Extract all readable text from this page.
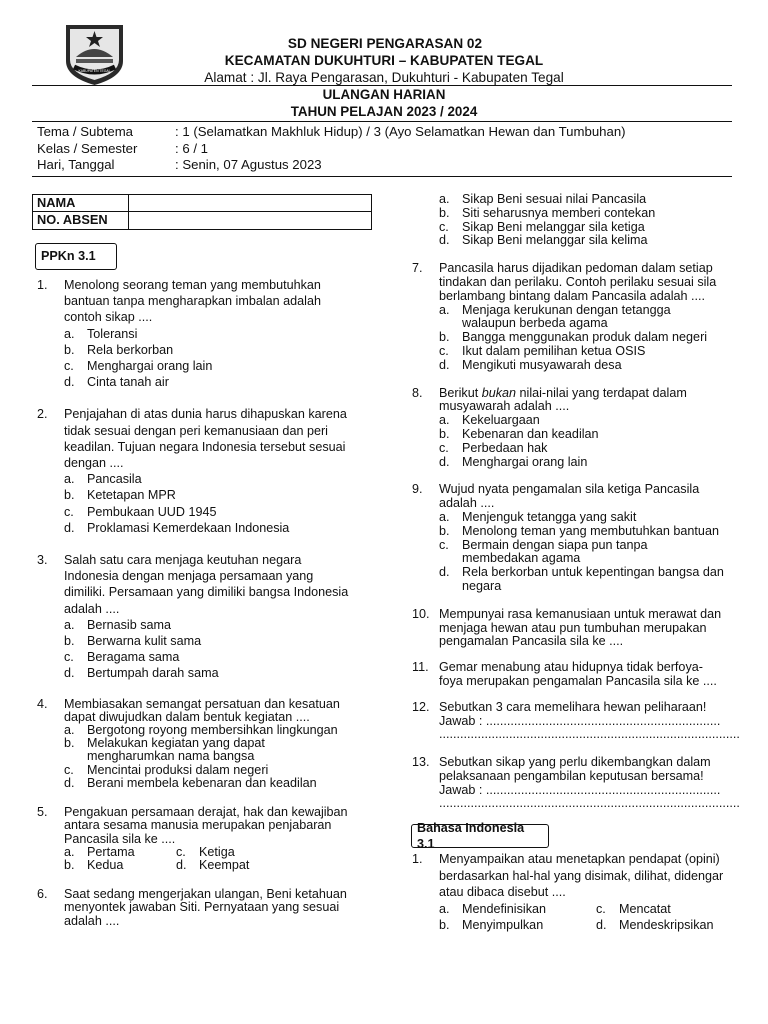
KABUPATEN TEGAL
SD NEGERI PENGARASAN 02
KECAMATAN DUKUHTURI – KABUPATEN TEGAL
Alamat : Jl. Raya Pengarasan, Dukuhturi - Kabupaten Tegal
ULANGAN HARIAN
TAHUN PELAJAN 2023 / 2024
Tema / Subtema	: 1 (Selamatkan Makhluk Hidup) / 3 (Ayo Selamatkan Hewan dan Tumbuhan)
Kelas / Semester	: 6 / 1
Hari, Tanggal	: Senin, 07 Agustus 2023
NAMA	
NO. ABSEN	
PPKn 3.1
1. Menolong seorang teman yang membutuhkan
bantuan tanpa mengharapkan imbalan adalah
contoh sikap ....
a. Toleransi
b. Rela berkorban
c. Menghargai orang lain
d. Cinta tanah air
2. Penjajahan di atas dunia harus dihapuskan karena
tidak sesuai dengan peri kemanusiaan dan peri
keadilan. Tujuan negara Indonesia tersebut sesuai
dengan ....
a. Pancasila
b. Ketetapan MPR
c. Pembukaan UUD 1945
d. Proklamasi Kemerdekaan Indonesia
3. Salah satu cara menjaga keutuhan negara
Indonesia dengan menjaga persamaan yang
dimiliki. Persamaan yang dimiliki bangsa Indonesia
adalah ....
a. Bernasib sama
b. Berwarna kulit sama
c. Beragama sama
d. Bertumpah darah sama
4. Membiasakan semangat persatuan dan kesatuan
dapat diwujudkan dalam bentuk kegiatan ....
a. Bergotong royong membersihkan lingkungan
b. Melakukan kegiatan yang dapat
mengharumkan nama bangsa
c. Mencintai produksi dalam negeri
d. Berani membela kebenaran dan keadilan
5. Pengakuan persamaan derajat, hak dan kewajiban
antara sesama manusia merupakan penjabaran
Pancasila sila ke ....
a. Pertama	c. Ketiga
b. Kedua	d. Keempat
6. Saat sedang mengerjakan ulangan, Beni ketahuan
menyontek jawaban Siti. Pernyataan yang sesuai
adalah ....
a. Sikap Beni sesuai nilai Pancasila
b. Siti seharusnya memberi contekan
c. Sikap Beni melanggar sila ketiga
d. Sikap Beni melanggar sila kelima
7. Pancasila harus dijadikan pedoman dalam setiap
tindakan dan perilaku. Contoh perilaku sesuai sila
berlambang bintang dalam Pancasila adalah ....
a. Menjaga kerukunan dengan tetangga
walaupun berbeda agama
b. Bangga menggunakan produk dalam negeri
c. Ikut dalam pemilihan ketua OSIS
d. Mengikuti musyawarah desa
8. Berikut bukan nilai-nilai yang terdapat dalam
musyawarah adalah ....
a. Kekeluargaan
b. Kebenaran dan keadilan
c. Perbedaan hak
d. Menghargai orang lain
9. Wujud nyata pengamalan sila ketiga Pancasila
adalah ....
a. Menjenguk tetangga yang sakit
b. Menolong teman yang membutuhkan bantuan
c. Bermain dengan siapa pun tanpa
membedakan agama
d. Rela berkorban untuk kepentingan bangsa dan
negara
10. Mempunyai rasa kemanusiaan untuk merawat dan
menjaga hewan atau pun tumbuhan merupakan
pengamalan Pancasila sila ke ....
11. Gemar menabung atau hidupnya tidak berfoya-
foya merupakan pengamalan Pancasila sila ke ....
12. Sebutkan 3 cara memelihara hewan peliharaan!
Jawab : ...................................................................
......................................................................................
13. Sebutkan sikap yang perlu dikembangkan dalam
pelaksanaan pengambilan keputusan bersama!
Jawab : ...................................................................
......................................................................................
Bahasa Indonesia 3.1
1. Menyampaikan atau menetapkan pendapat (opini)
berdasarkan hal-hal yang disimak, dilihat, didengar
atau dibaca disebut ....
a. Mendefinisikan	c. Mencatat
b. Menyimpulkan	d. Mendeskripsikan
